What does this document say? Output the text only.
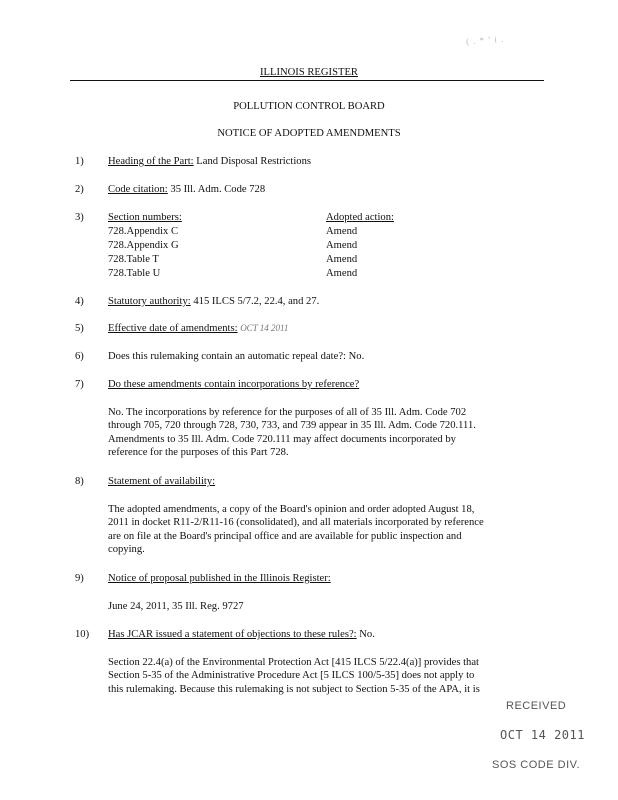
( . * ' i .
ILLINOIS REGISTER
POLLUTION CONTROL BOARD
NOTICE OF ADOPTED AMENDMENTS
1) Heading of the Part: Land Disposal Restrictions
2) Code citation: 35 Ill. Adm. Code 728
3) Section numbers:	Adopted action:
728.Appendix C	Amend
728.Appendix G	Amend
728.Table T	Amend
728.Table U	Amend
4) Statutory authority: 415 ILCS 5/7.2, 22.4, and 27.
5) Effective date of amendments: OCT 14 2011
6) Does this rulemaking contain an automatic repeal date?: No.
7) Do these amendments contain incorporations by reference?
No. The incorporations by reference for the purposes of all of 35 Ill. Adm. Code 702
through 705, 720 through 728, 730, 733, and 739 appear in 35 Ill. Adm. Code 720.111.
Amendments to 35 Ill. Adm. Code 720.111 may affect documents incorporated by
reference for the purposes of this Part 728.
8) Statement of availability:
The adopted amendments, a copy of the Board's opinion and order adopted August 18,
2011 in docket R11-2/R11-16 (consolidated), and all materials incorporated by reference
are on file at the Board's principal office and are available for public inspection and
copying.
9) Notice of proposal published in the Illinois Register:
June 24, 2011, 35 Ill. Reg. 9727
10) Has JCAR issued a statement of objections to these rules?: No.
Section 22.4(a) of the Environmental Protection Act [415 ILCS 5/22.4(a)] provides that
Section 5-35 of the Administrative Procedure Act [5 ILCS 100/5-35] does not apply to
this rulemaking. Because this rulemaking is not subject to Section 5-35 of the APA, it is
RECEIVED
OCT 14 2011
SOS CODE DIV.
